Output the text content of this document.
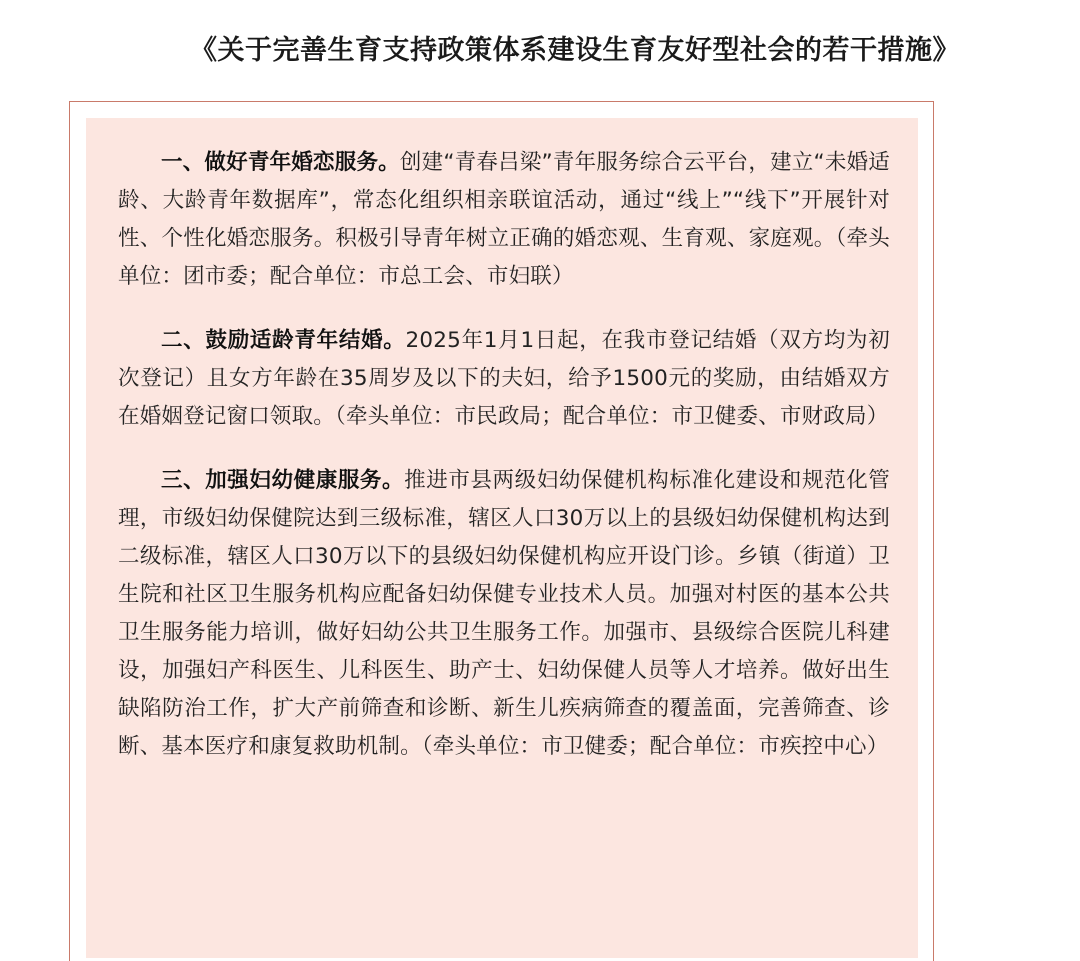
《关于完善生育支持政策体系建设生育友好型社会的若干措施》

一、做好青年婚恋服务。创建“青春吕梁”青年服务综合云平台，建立“未婚适龄、大龄青年数据库”，常态化组织相亲联谊活动，通过“线上”“线下”开展针对性、个性化婚恋服务。积极引导青年树立正确的婚恋观、生育观、家庭观。（牵头单位：团市委；配合单位：市总工会、市妇联）

二、鼓励适龄青年结婚。2025年1月1日起，在我市登记结婚（双方均为初次登记）且女方年龄在35周岁及以下的夫妇，给予1500元的奖励，由结婚双方在婚姻登记窗口领取。（牵头单位：市民政局；配合单位：市卫健委、市财政局）

三、加强妇幼健康服务。推进市县两级妇幼保健机构标准化建设和规范化管理，市级妇幼保健院达到三级标准，辖区人口30万以上的县级妇幼保健机构达到二级标准，辖区人口30万以下的县级妇幼保健机构应开设门诊。乡镇（街道）卫生院和社区卫生服务机构应配备妇幼保健专业技术人员。加强对村医的基本公共卫生服务能力培训，做好妇幼公共卫生服务工作。加强市、县级综合医院儿科建设，加强妇产科医生、儿科医生、助产士、妇幼保健人员等人才培养。做好出生缺陷防治工作，扩大产前筛查和诊断、新生儿疾病筛查的覆盖面，完善筛查、诊断、基本医疗和康复救助机制。（牵头单位：市卫健委；配合单位：市疾控中心）
